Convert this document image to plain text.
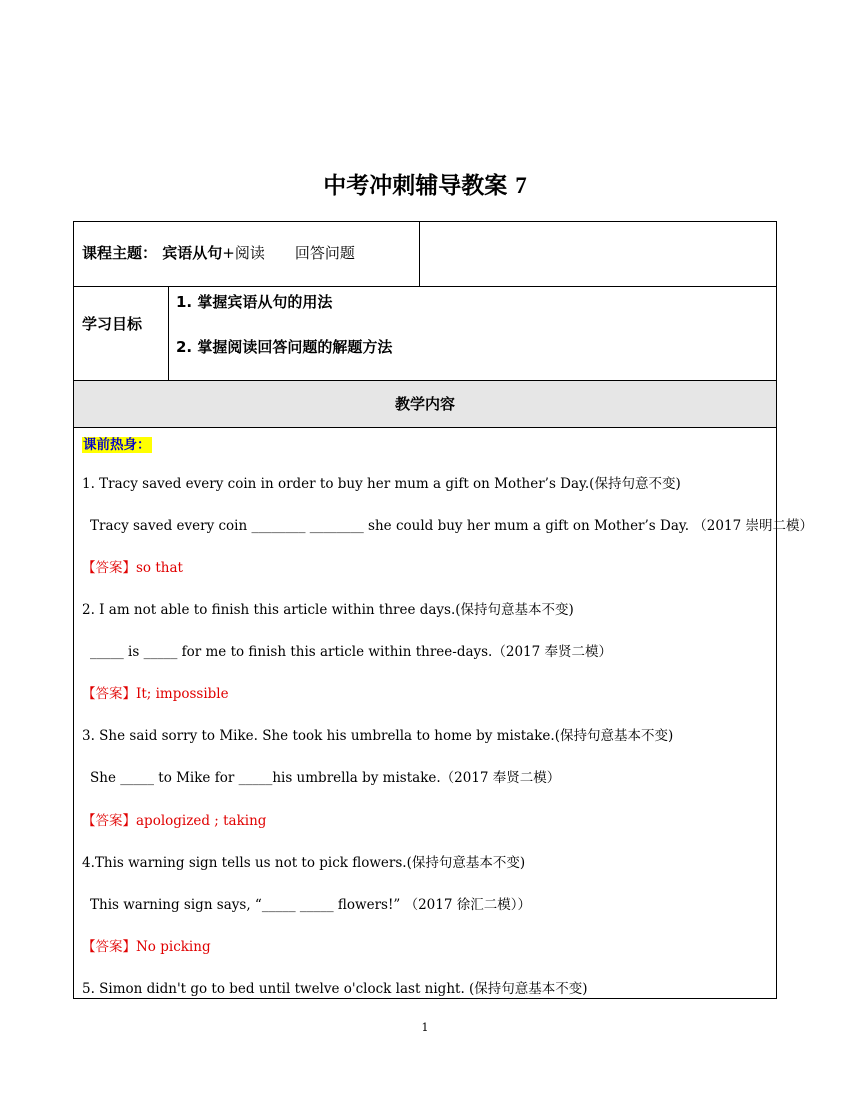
中考冲刺辅导教案 7
课程主题： 宾语从句+阅读　　回答问题
学习目标
1. 掌握宾语从句的用法
2. 掌握阅读回答问题的解题方法
教学内容
课前热身：
1. Tracy saved every coin in order to buy her mum a gift on Mother’s Day.(保持句意不变)
Tracy saved every coin ________ ________ she could buy her mum a gift on Mother’s Day. （2017 崇明二模）
【答案】so that
2. I am not able to finish this article within three days.(保持句意基本不变)
_____ is _____ for me to finish this article within three-days.（2017 奉贤二模）
【答案】It; impossible
3. She said sorry to Mike. She took his umbrella to home by mistake.(保持句意基本不变)
She _____ to Mike for _____his umbrella by mistake.（2017 奉贤二模）
【答案】apologized ; taking
4.This warning sign tells us not to pick flowers.(保持句意基本不变)
This warning sign says, “_____ _____ flowers!” （2017 徐汇二模））
【答案】No picking
5. Simon didn't go to bed until twelve o'clock last night. (保持句意基本不变)
1
